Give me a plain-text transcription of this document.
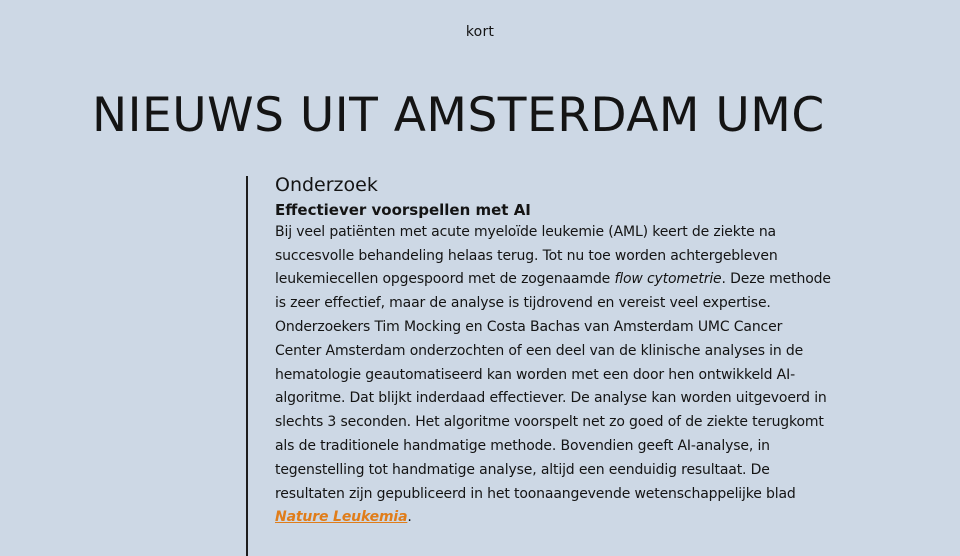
kort
NIEUWS UIT AMSTERDAM UMC
Onderzoek
Effectiever voorspellen met AI
Bij veel patiënten met acute myeloïde leukemie (AML) keert de ziekte na succesvolle behandeling helaas terug. Tot nu toe worden achtergebleven leukemiecellen opgespoord met de zogenaamde flow cytometrie. Deze methode is zeer effectief, maar de analyse is tijdrovend en vereist veel expertise. Onderzoekers Tim Mocking en Costa Bachas van Amsterdam UMC Cancer Center Amsterdam onderzochten of een deel van de klinische analyses in de hematologie geautomatiseerd kan worden met een door hen ontwikkeld AI-algoritme. Dat blijkt inderdaad effectiever. De analyse kan worden uitgevoerd in slechts 3 seconden. Het algoritme voorspelt net zo goed of de ziekte terugkomt als de traditionele handmatige methode. Bovendien geeft AI-analyse, in tegenstelling tot handmatige analyse, altijd een eenduidig resultaat. De resultaten zijn gepubliceerd in het toonaangevende wetenschappelijke blad Nature Leukemia.
